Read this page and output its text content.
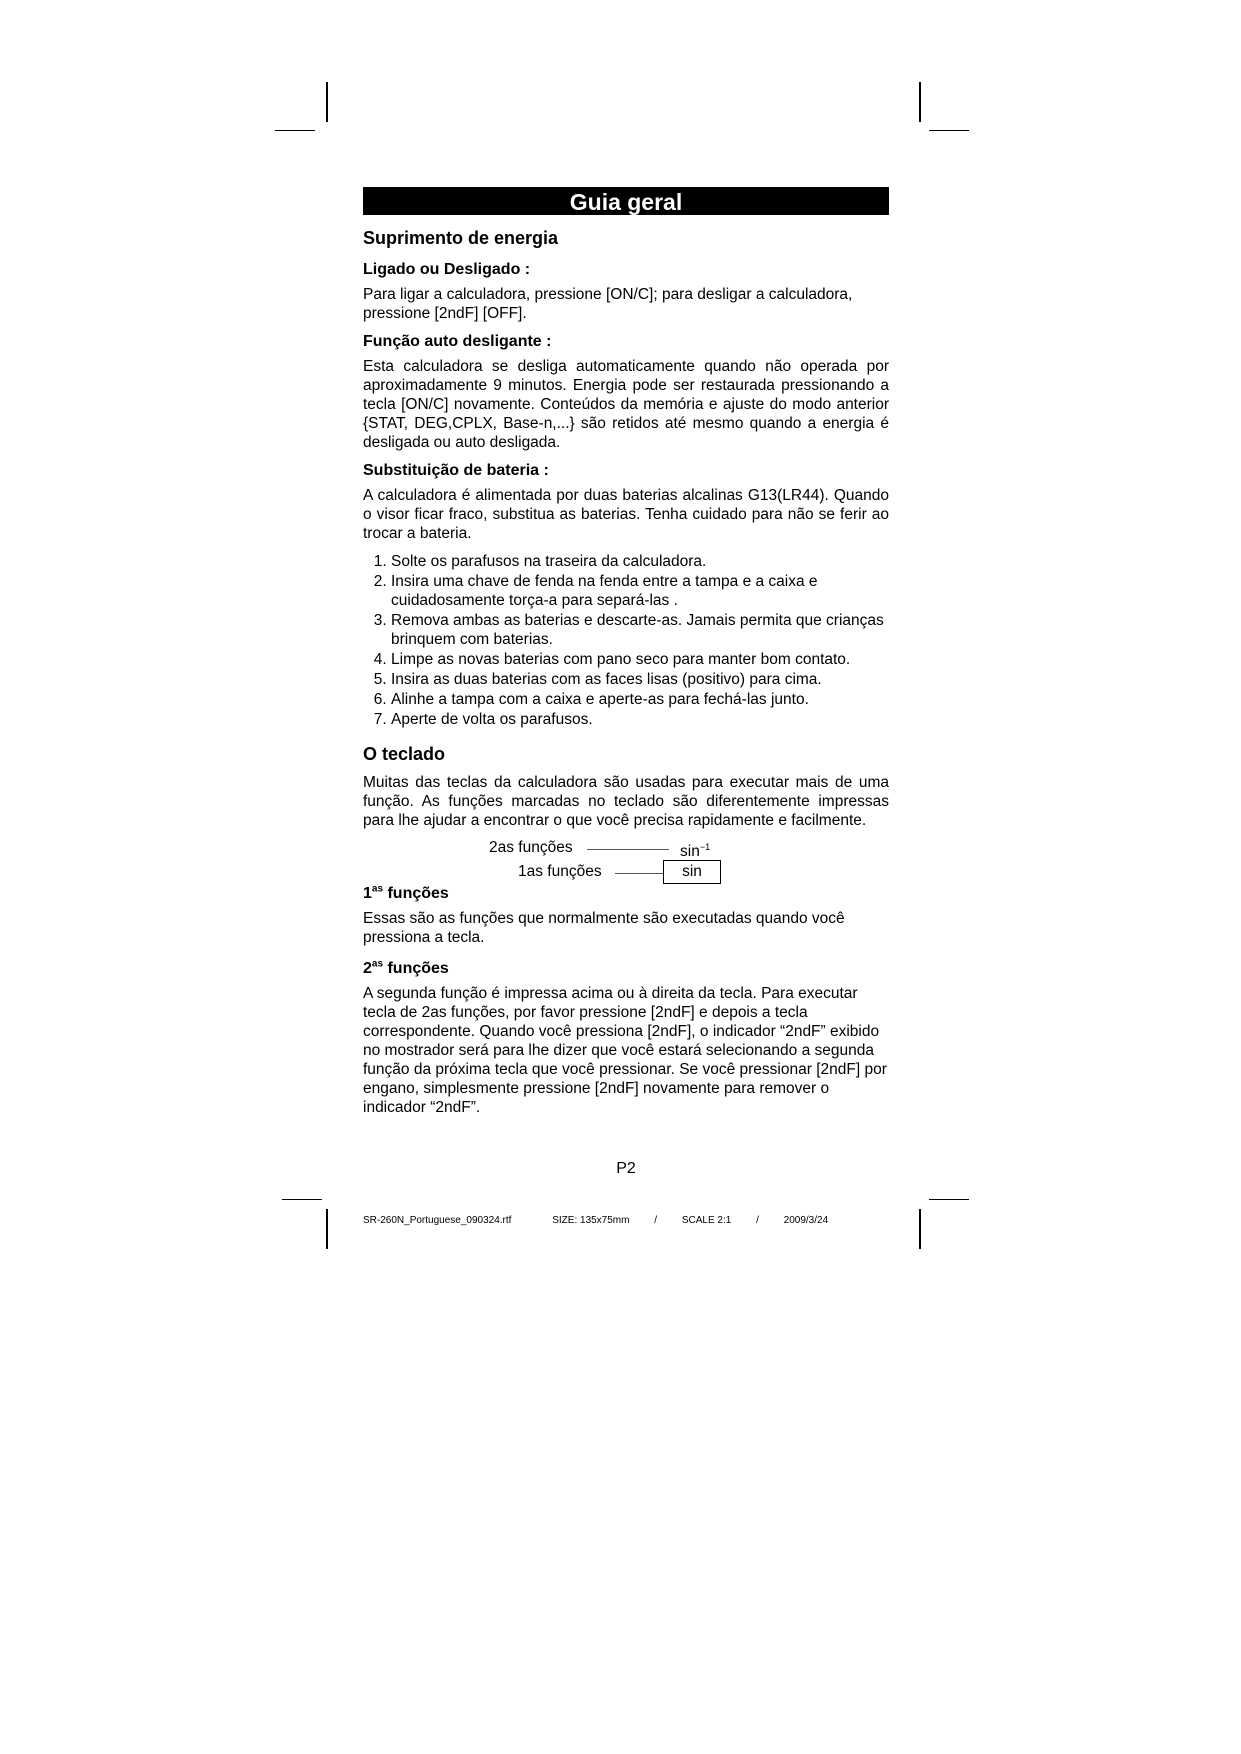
Guia geral
Suprimento de energia
Ligado ou Desligado :

Para ligar a calculadora, pressione [ON/C]; para desligar a calculadora, pressione [2ndF] [OFF].

Função auto desligante :

Esta calculadora se desliga automaticamente quando não operada por aproximadamente 9 minutos. Energia pode ser restaurada pressionando a tecla [ON/C] novamente. Conteúdos da memória e ajuste do modo anterior {STAT, DEG,CPLX, Base-n,...} são retidos até mesmo quando a energia é desligada ou auto desligada.

Substituição de bateria :

A calculadora é alimentada por duas baterias alcalinas G13(LR44). Quando o visor ficar fraco, substitua as baterias. Tenha cuidado para não se ferir ao trocar a bateria.

1. Solte os parafusos na traseira da calculadora.
2. Insira uma chave de fenda na fenda entre a tampa e a caixa e cuidadosamente torça-a para separá-las .
3. Remova ambas as baterias e descarte-as. Jamais permita que crianças brinquem com baterias.
4. Limpe as novas baterias com pano seco para manter bom contato.
5. Insira as duas baterias com as faces lisas (positivo) para cima.
6. Alinhe a tampa com a caixa e aperte-as para fechá-las junto.
7. Aperte de volta os parafusos.
O teclado

Muitas das teclas da calculadora são usadas para executar mais de uma função. As funções marcadas no teclado são diferentemente impressas para lhe ajudar a encontrar o que você precisa rapidamente e facilmente.

2as funções	$\sin^{-1}$
1as funções	sin
$1^{as}$ funções

Essas são as funções que normalmente são executadas quando você pressiona a tecla.

$2^{as}$ funções

A segunda função é impressa acima ou à direita da tecla. Para executar tecla de 2as funções, por favor pressione [2ndF] e depois a tecla correspondente. Quando você pressiona [2ndF], o indicador “2ndF” exibido no mostrador será para lhe dizer que você estará selecionando a segunda função da próxima tecla que você pressionar. Se você pressionar [2ndF] por engano, simplesmente pressione [2ndF] novamente para remover o indicador “2ndF”.

P2
SR-260N_Portuguese_090324.rtf	SIZE: 135x75mm / SCALE 2:1 / 2009/3/24
